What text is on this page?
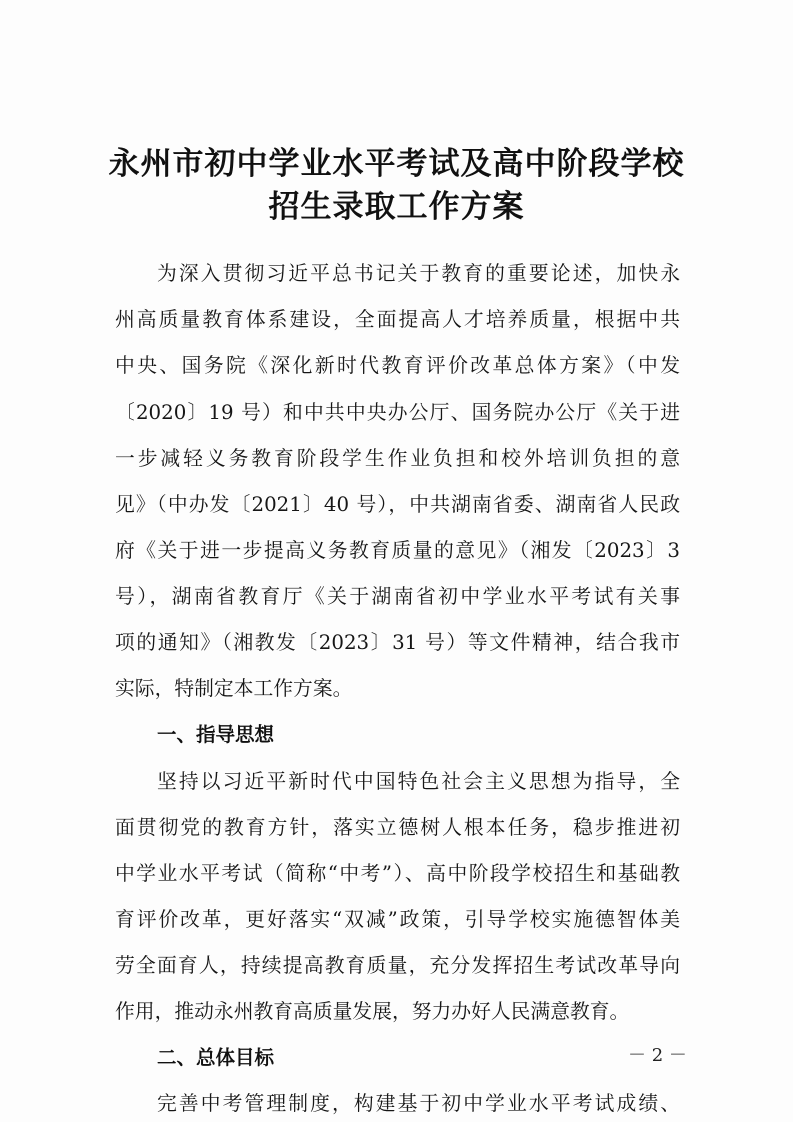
永州市初中学业水平考试及高中阶段学校
招生录取工作方案
为深入贯彻习近平总书记关于教育的重要论述，加快永
州高质量教育体系建设，全面提高人才培养质量，根据中共
中央、国务院《深化新时代教育评价改革总体方案》（中发
〔2020〕19 号）和中共中央办公厅、国务院办公厅《关于进
一步减轻义务教育阶段学生作业负担和校外培训负担的意
见》（中办发〔2021〕40 号），中共湖南省委、湖南省人民政
府《关于进一步提高义务教育质量的意见》（湘发〔2023〕3
号），湖南省教育厅《关于湖南省初中学业水平考试有关事
项的通知》（湘教发〔2023〕31 号）等文件精神，结合我市
实际，特制定本工作方案。
一、指导思想
坚持以习近平新时代中国特色社会主义思想为指导，全
面贯彻党的教育方针，落实立德树人根本任务，稳步推进初
中学业水平考试（简称“中考”）、高中阶段学校招生和基础教
育评价改革，更好落实“双减”政策，引导学校实施德智体美
劳全面育人，持续提高教育质量，充分发挥招生考试改革导向
作用，推动永州教育高质量发展，努力办好人民满意教育。
二、总体目标
完善中考管理制度，构建基于初中学业水平考试成绩、
－ 2 －
